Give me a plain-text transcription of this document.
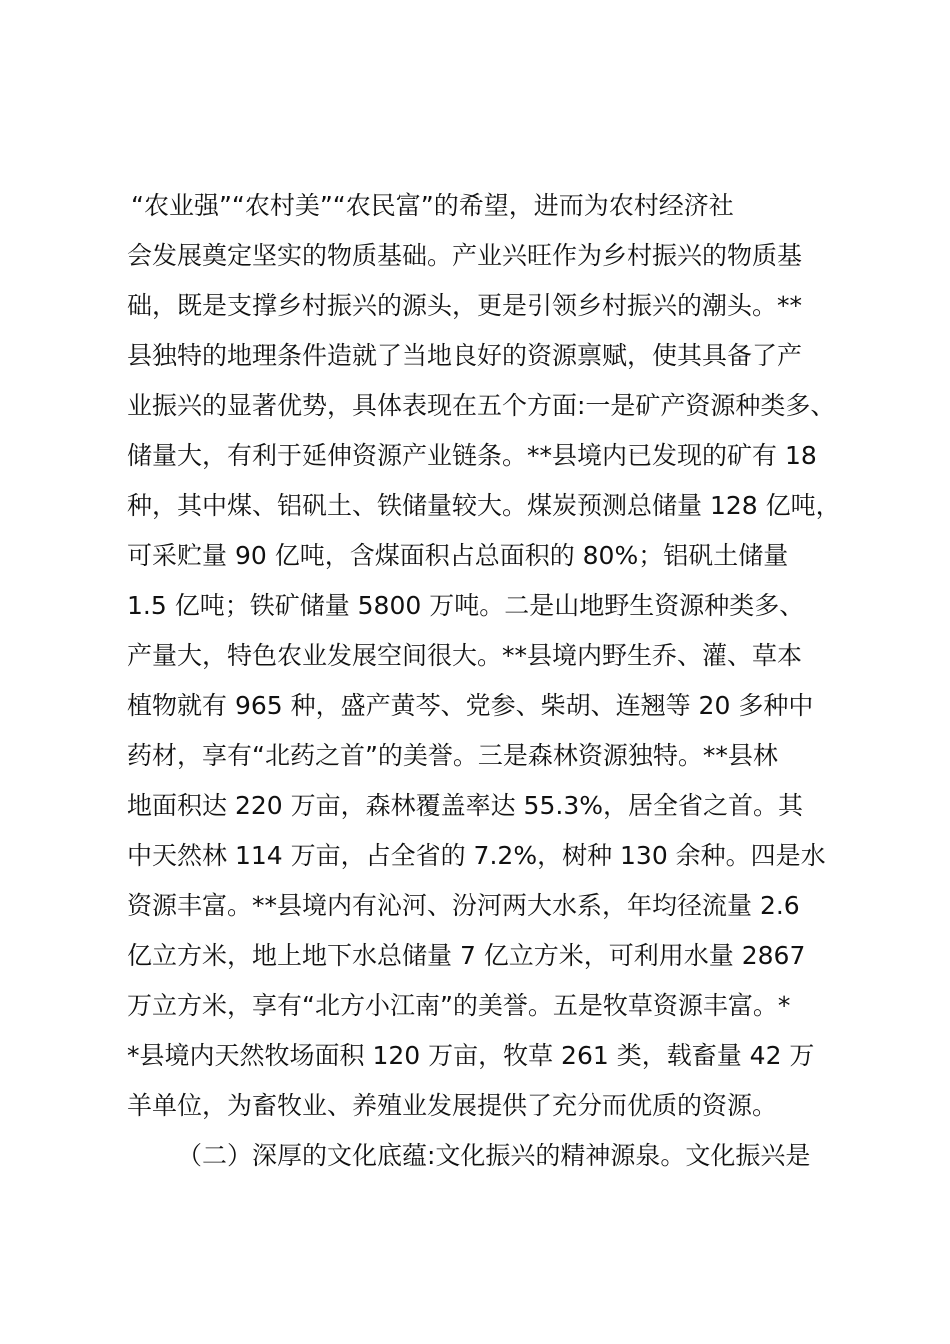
“农业强”“农村美”“农民富”的希望，进而为农村经济社
会发展奠定坚实的物质基础。产业兴旺作为乡村振兴的物质基
础，既是支撑乡村振兴的源头，更是引领乡村振兴的潮头。**
县独特的地理条件造就了当地良好的资源禀赋，使其具备了产
业振兴的显著优势，具体表现在五个方面:一是矿产资源种类多、
储量大，有利于延伸资源产业链条。**县境内已发现的矿有 18
种，其中煤、铝矾土、铁储量较大。煤炭预测总储量 128 亿吨，
可采贮量 90 亿吨，含煤面积占总面积的 80%；铝矾土储量
1.5 亿吨；铁矿储量 5800 万吨。二是山地野生资源种类多、
产量大，特色农业发展空间很大。**县境内野生乔、灌、草本
植物就有 965 种，盛产黄芩、党参、柴胡、连翘等 20 多种中
药材，享有“北药之首”的美誉。三是森林资源独特。**县林
地面积达 220 万亩，森林覆盖率达 55.3%，居全省之首。其
中天然林 114 万亩，占全省的 7.2%，树种 130 余种。四是水
资源丰富。**县境内有沁河、汾河两大水系，年均径流量 2.6
亿立方米，地上地下水总储量 7 亿立方米，可利用水量 2867
万立方米，享有“北方小江南”的美誉。五是牧草资源丰富。*
*县境内天然牧场面积 120 万亩，牧草 261 类，载畜量 42 万
羊单位，为畜牧业、养殖业发展提供了充分而优质的资源。
（二）深厚的文化底蕴:文化振兴的精神源泉。文化振兴是
